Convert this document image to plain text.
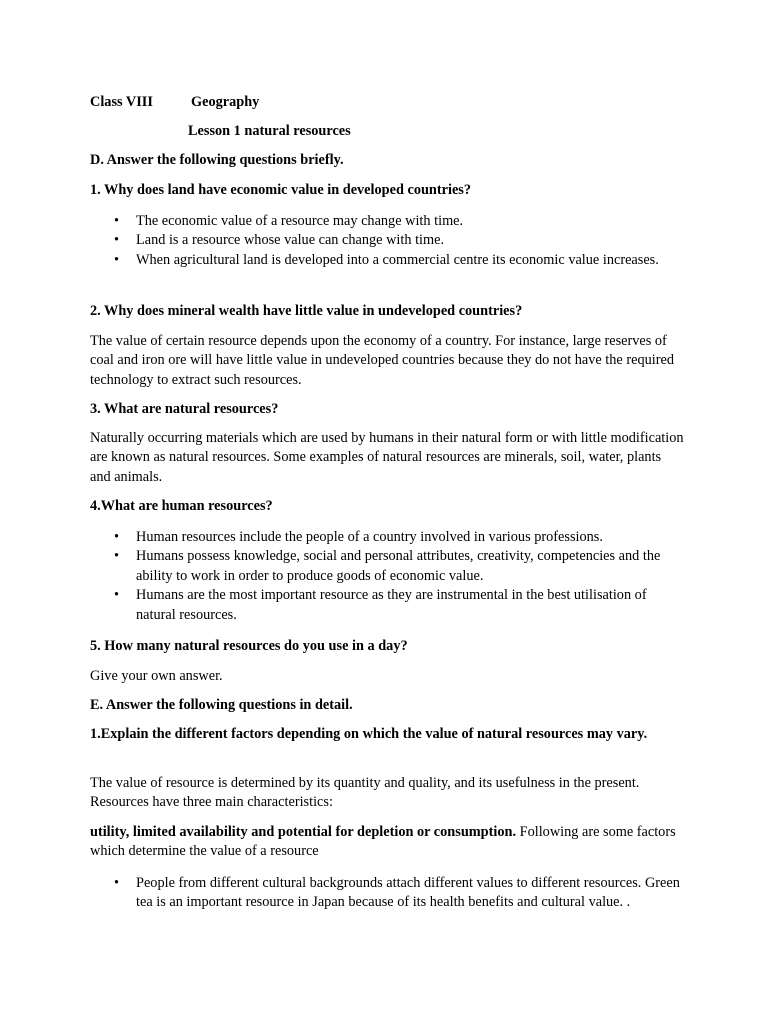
Class VIII	Geography
Lesson 1 natural resources
D. Answer the following questions briefly.
1. Why does land have economic value in developed countries?
• The economic value of a resource may change with time.
• Land is a resource whose value can change with time.
• When agricultural land is developed into a commercial centre its economic value increases.
2. Why does mineral wealth have little value in undeveloped countries?
The value of certain resource depends upon the economy of a country. For instance, large reserves of coal and iron ore will have little value in undeveloped countries because they do not have the required technology to extract such resources.
3. What are natural resources?
Naturally occurring materials which are used by humans in their natural form or with little modification are known as natural resources. Some examples of natural resources are minerals, soil, water, plants and animals.
4.What are human resources?
• Human resources include the people of a country involved in various professions.
• Humans possess knowledge, social and personal attributes, creativity, competencies and the ability to work in order to produce goods of economic value.
• Humans are the most important resource as they are instrumental in the best utilisation of natural resources.
5. How many natural resources do you use in a day?
Give your own answer.
E. Answer the following questions in detail.
1.Explain the different factors depending on which the value of natural resources may vary.
The value of resource is determined by its quantity and quality, and its usefulness in the present. Resources have three main characteristics:
utility, limited availability and potential for depletion or consumption. Following are some factors which determine the value of a resource
• People from different cultural backgrounds attach different values to different resources. Green tea is an important resource in Japan because of its health benefits and cultural value. .
